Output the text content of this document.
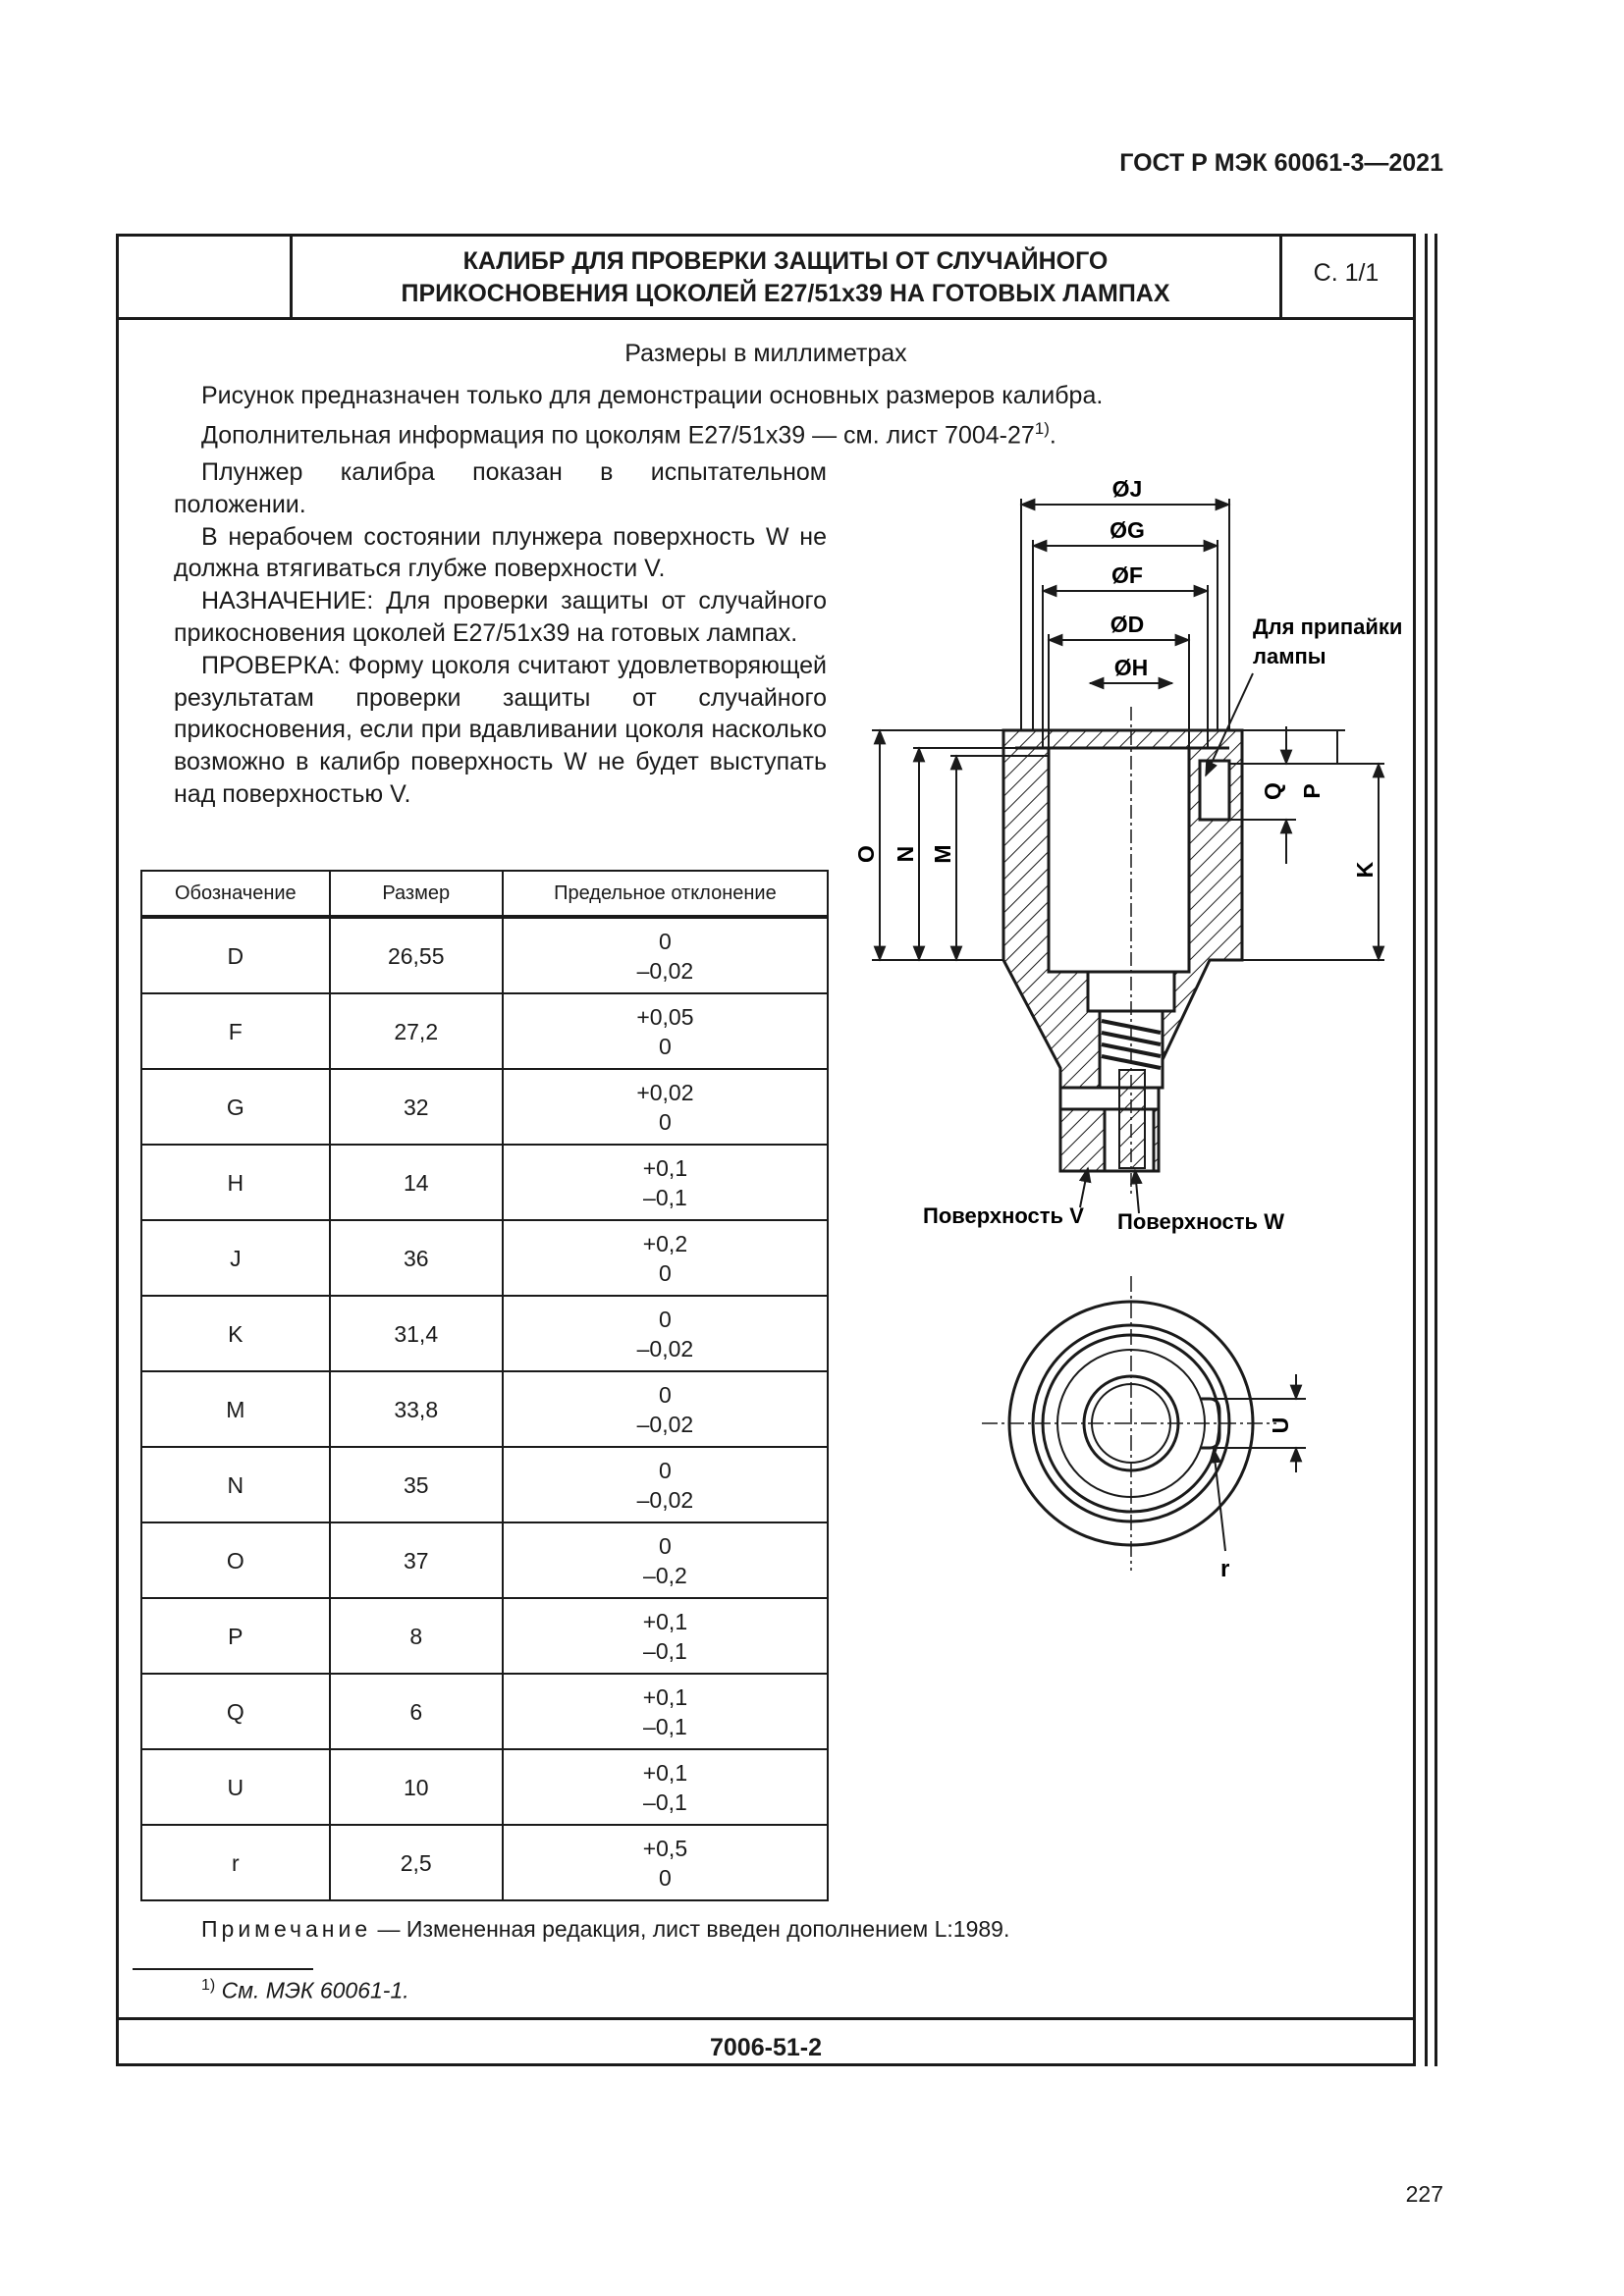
ГОСТ Р МЭК 60061-3—2021
КАЛИБР ДЛЯ ПРОВЕРКИ ЗАЩИТЫ ОТ СЛУЧАЙНОГО
ПРИКОСНОВЕНИЯ ЦОКОЛЕЙ Е27/51х39 НА ГОТОВЫХ ЛАМПАХ
С. 1/1
Размеры в миллиметрах
Рисунок предназначен только для демонстрации основных размеров калибра.
Дополнительная информация по цоколям Е27/51х39 — см. лист 7004-27$^{1)}$.

Плунжер калибра показан в испытательном положении.

В нерабочем состоянии плунжера поверхность W не должна втягиваться глубже поверхности V.

НАЗНАЧЕНИЕ: Для проверки защиты от случайного прикосновения цоколей Е27/51х39 на готовых лампах.

ПРОВЕРКА: Форму цоколя считают удовлетворяющей результатам проверки защиты от случайного прикосновения, если при вдавливании цоколя насколько возможно в калибр поверхность W не будет выступать над поверхностью V.

Обозначение	Размер	Предельное отклонение
D	26,55	0
–0,02

F	27,2	+0,05
0

G	32	+0,02
0

H	14	+0,1
–0,1

J	36	+0,2
0

K	31,4	0
–0,02

M	33,8	0
–0,02

N	35	0
–0,02

O	37	0
–0,2

P	8	+0,1
–0,1

Q	6	+0,1
–0,1

U	10	+0,1
–0,1

r	2,5	+0,5
0
ØJ
ØG
ØF
ØD
ØH
Для припайки
лампы
O N M
Q P
K
Поверхность V Поверхность W
U
r
Примечание — Измененная редакция, лист введен дополнением L:1989.
$^{1)}$ См. МЭК 60061-1.
7006-51-2
227
